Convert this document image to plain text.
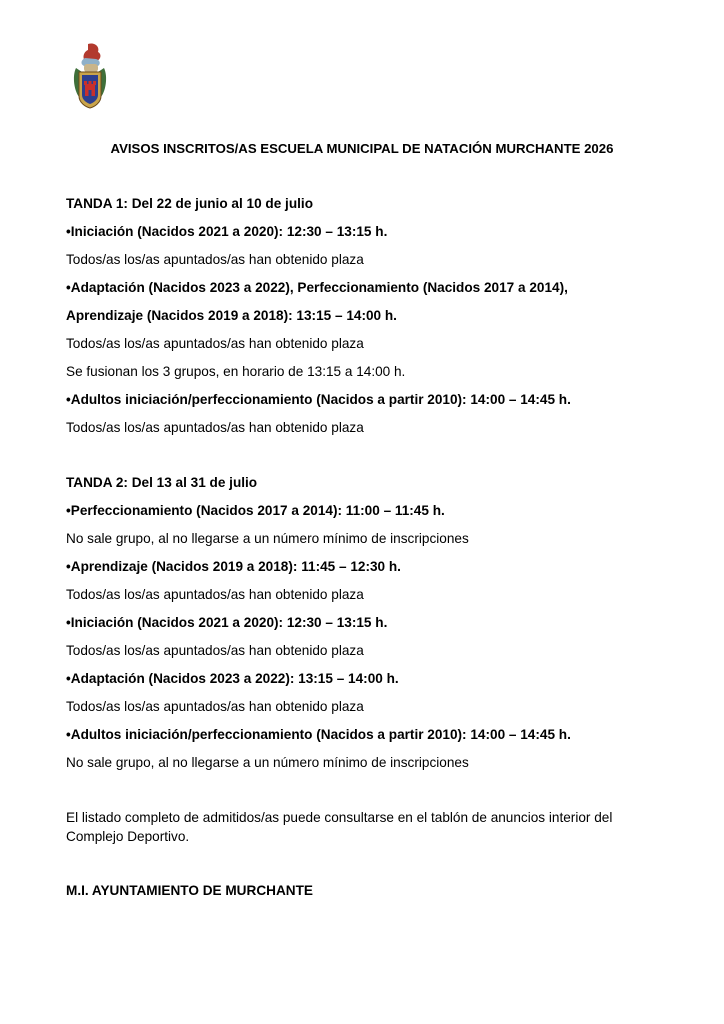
AVISOS INSCRITOS/AS ESCUELA MUNICIPAL DE NATACIÓN MURCHANTE 2026

TANDA 1: Del 22 de junio al 10 de julio

•Iniciación (Nacidos 2021 a 2020): 12:30 – 13:15 h.

Todos/as los/as apuntados/as han obtenido plaza

•Adaptación (Nacidos 2023 a 2022), Perfeccionamiento (Nacidos 2017 a 2014),

Aprendizaje (Nacidos 2019 a 2018): 13:15 – 14:00 h.

Todos/as los/as apuntados/as han obtenido plaza

Se fusionan los 3 grupos, en horario de 13:15 a 14:00 h.

•Adultos iniciación/perfeccionamiento (Nacidos a partir 2010): 14:00 – 14:45 h.

Todos/as los/as apuntados/as han obtenido plaza

TANDA 2: Del 13 al 31 de julio

•Perfeccionamiento (Nacidos 2017 a 2014): 11:00 – 11:45 h.

No sale grupo, al no llegarse a un número mínimo de inscripciones

•Aprendizaje (Nacidos 2019 a 2018): 11:45 – 12:30 h.

Todos/as los/as apuntados/as han obtenido plaza

•Iniciación (Nacidos 2021 a 2020): 12:30 – 13:15 h.

Todos/as los/as apuntados/as han obtenido plaza

•Adaptación (Nacidos 2023 a 2022): 13:15 – 14:00 h.

Todos/as los/as apuntados/as han obtenido plaza

•Adultos iniciación/perfeccionamiento (Nacidos a partir 2010): 14:00 – 14:45 h.

No sale grupo, al no llegarse a un número mínimo de inscripciones

El listado completo de admitidos/as puede consultarse en el tablón de anuncios interior del Complejo Deportivo.

M.I. AYUNTAMIENTO DE MURCHANTE
